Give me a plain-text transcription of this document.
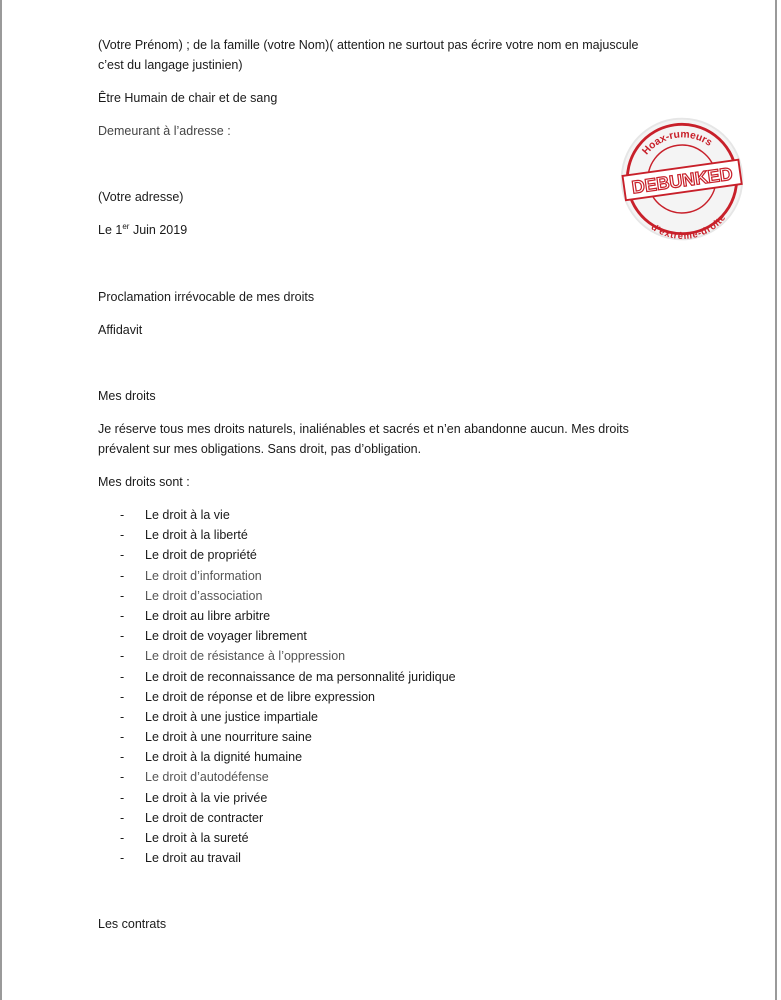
(Votre Prénom) ; de la famille (votre Nom)( attention ne surtout pas écrire votre nom en majuscule
c’est du langage justinien)
Être Humain de chair et de sang
Demeurant à l’adresse :
(Votre adresse)
Le 1er Juin 2019
Proclamation irrévocable de mes droits
Affidavit
Mes droits
Je réserve tous mes droits naturels, inaliénables et sacrés et n’en abandonne aucun. Mes droits
prévalent sur mes obligations. Sans droit, pas d’obligation.
Mes droits sont :
- Le droit à la vie
- Le droit à la liberté
- Le droit de propriété
- Le droit d’information
- Le droit d’association
- Le droit au libre arbitre
- Le droit de voyager librement
- Le droit de résistance à l’oppression
- Le droit de reconnaissance de ma personnalité juridique
- Le droit de réponse et de libre expression
- Le droit à une justice impartiale
- Le droit à une nourriture saine
- Le droit à la dignité humaine
- Le droit d’autodéfense
- Le droit à la vie privée
- Le droit de contracter
- Le droit à la sureté
- Le droit au travail
Les contrats
Hoax-rumeurs
d'extrême-droite
DEBUNKED
